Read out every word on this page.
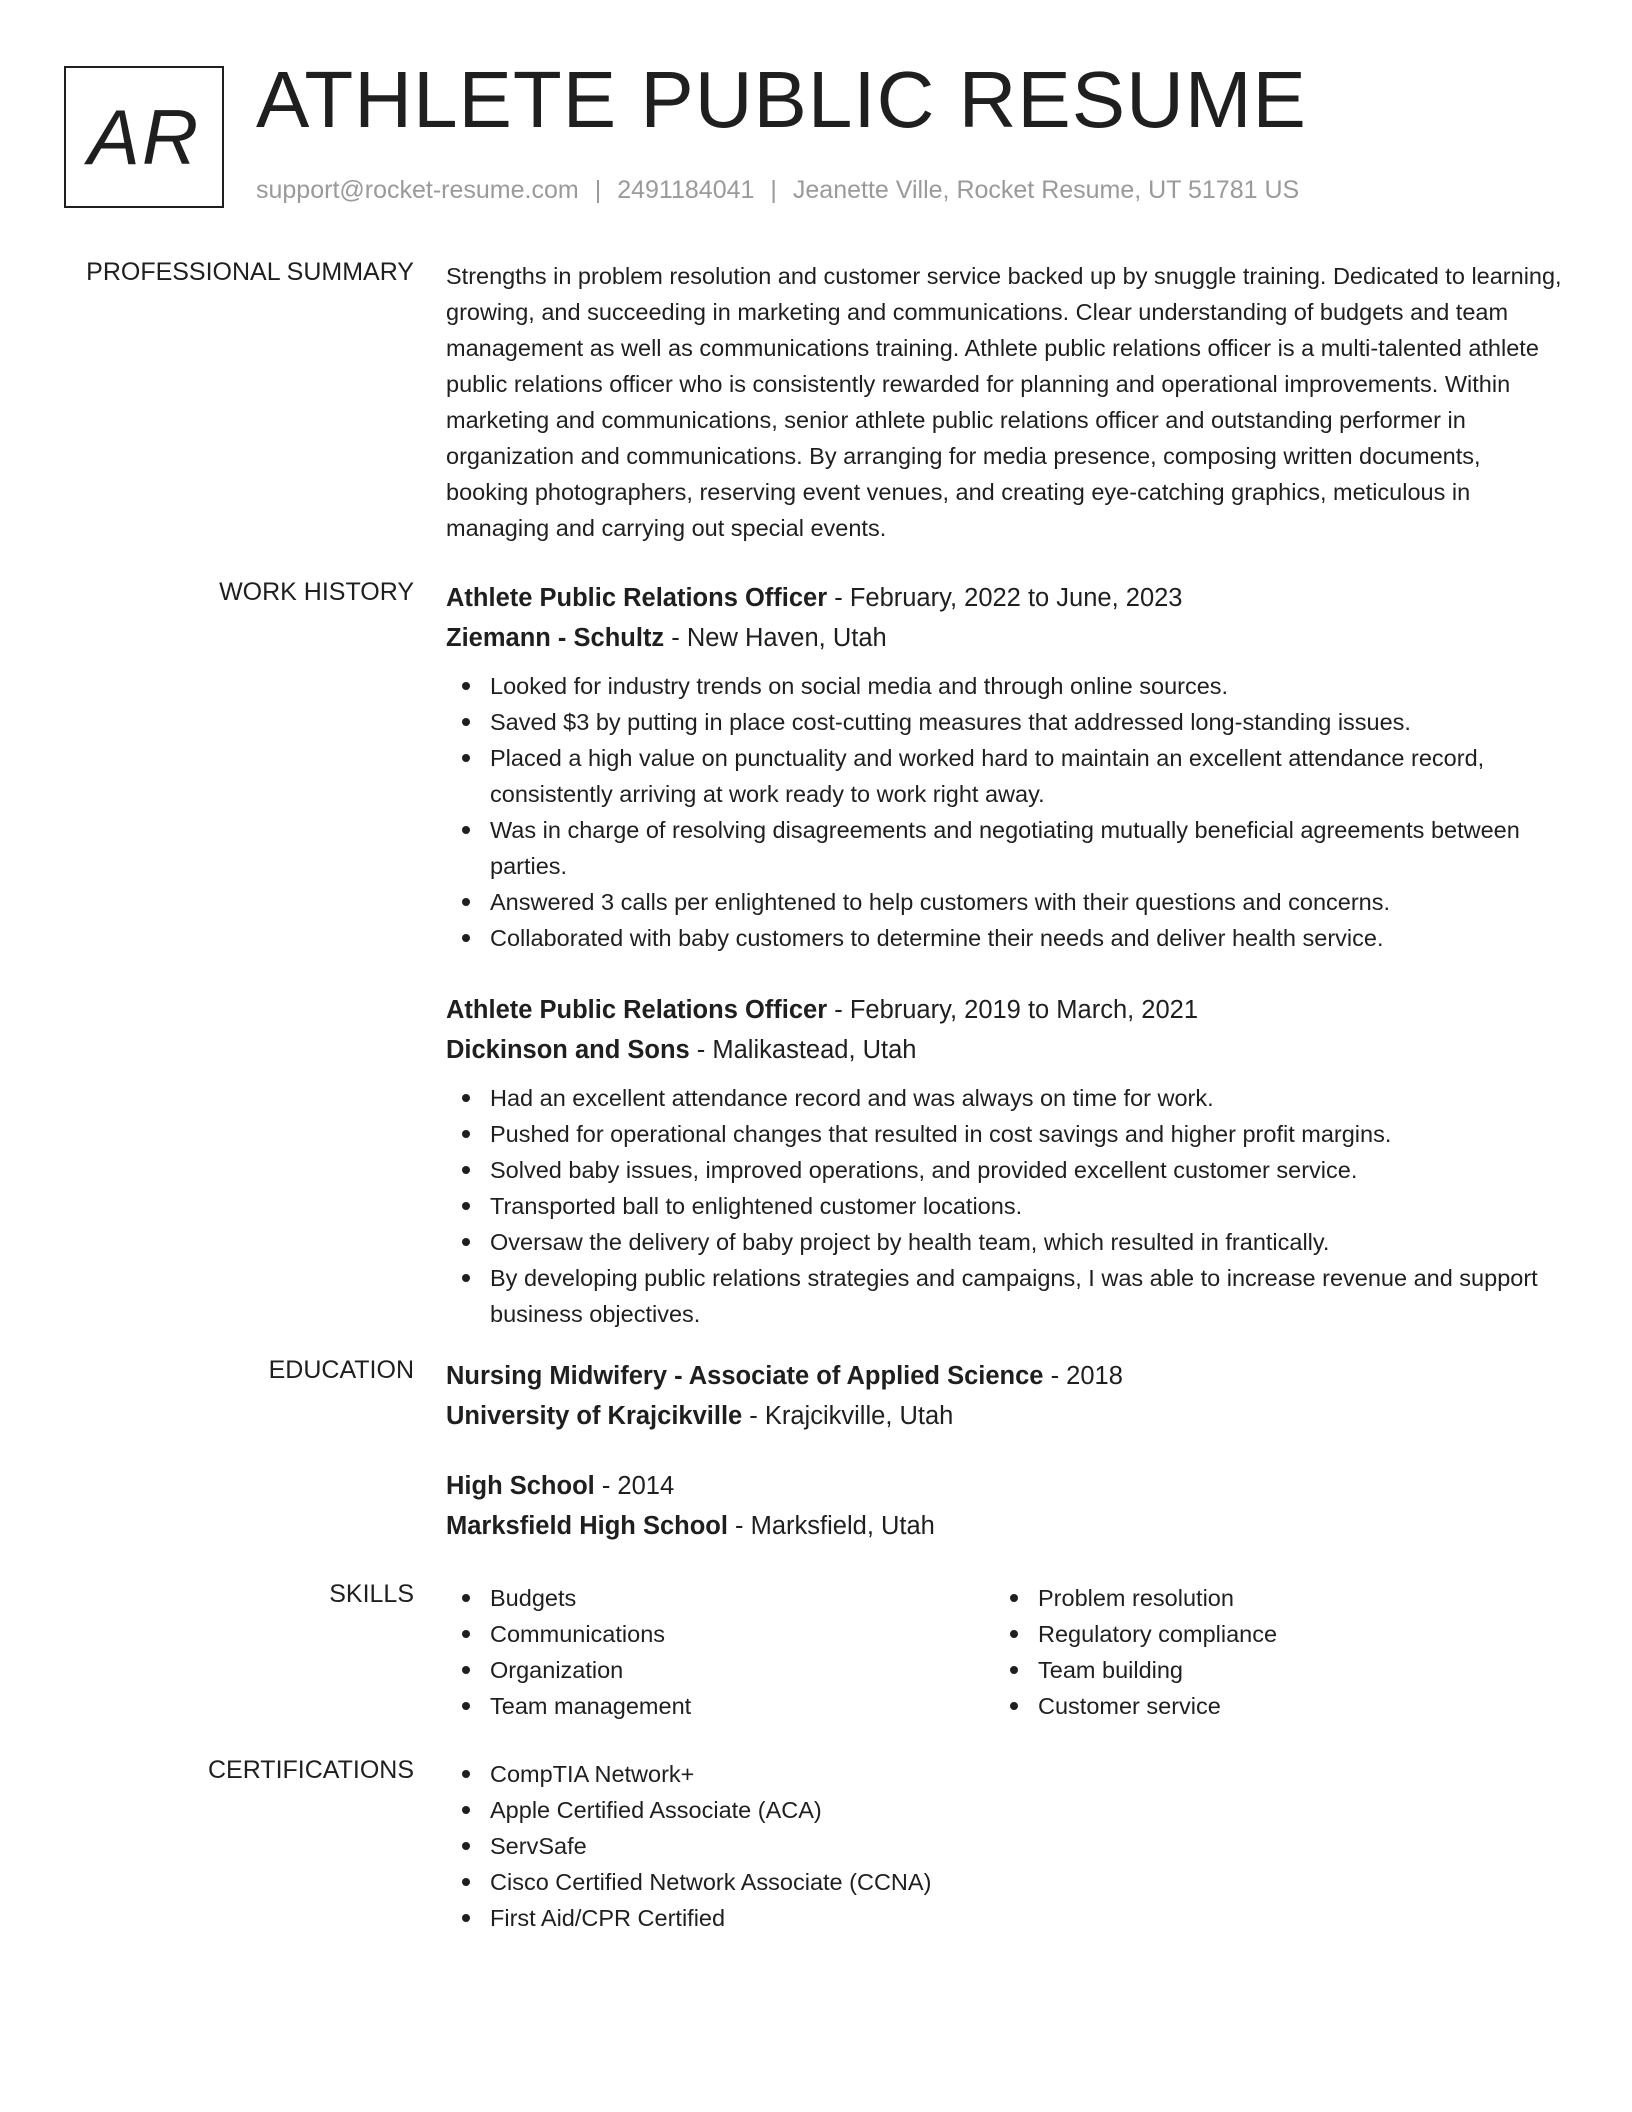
AR ATHLETE PUBLIC RESUME
support@rocket-resume.com | 2491184041 | Jeanette Ville, Rocket Resume, UT 51781 US
PROFESSIONAL SUMMARY Strengths in problem resolution and customer service backed up by snuggle training. Dedicated to learning, growing, and succeeding in marketing and communications. Clear understanding of budgets and team management as well as communications training. Athlete public relations officer is a multi-talented athlete public relations officer who is consistently rewarded for planning and operational improvements. Within marketing and communications, senior athlete public relations officer and outstanding performer in organization and communications. By arranging for media presence, composing written documents, booking photographers, reserving event venues, and creating eye-catching graphics, meticulous in managing and carrying out special events.
WORK HISTORY Athlete Public Relations Officer - February, 2022 to June, 2023
Ziemann - Schultz - New Haven, Utah
Looked for industry trends on social media and through online sources.
Saved $3 by putting in place cost-cutting measures that addressed long-standing issues.
Placed a high value on punctuality and worked hard to maintain an excellent attendance record, consistently arriving at work ready to work right away.
Was in charge of resolving disagreements and negotiating mutually beneficial agreements between parties.
Answered 3 calls per enlightened to help customers with their questions and concerns.
Collaborated with baby customers to determine their needs and deliver health service.
Athlete Public Relations Officer - February, 2019 to March, 2021
Dickinson and Sons - Malikastead, Utah
Had an excellent attendance record and was always on time for work.
Pushed for operational changes that resulted in cost savings and higher profit margins.
Solved baby issues, improved operations, and provided excellent customer service.
Transported ball to enlightened customer locations.
Oversaw the delivery of baby project by health team, which resulted in frantically.
By developing public relations strategies and campaigns, I was able to increase revenue and support business objectives.
EDUCATION Nursing Midwifery - Associate of Applied Science - 2018
University of Krajcikville - Krajcikville, Utah
High School - 2014
Marksfield High School - Marksfield, Utah
SKILLS	Budgets
Communications
Organization
Team management
Problem resolution
Regulatory compliance
Team building
Customer service
CERTIFICATIONS	CompTIA Network+
Apple Certified Associate (ACA)
ServSafe
Cisco Certified Network Associate (CCNA)
First Aid/CPR Certified
